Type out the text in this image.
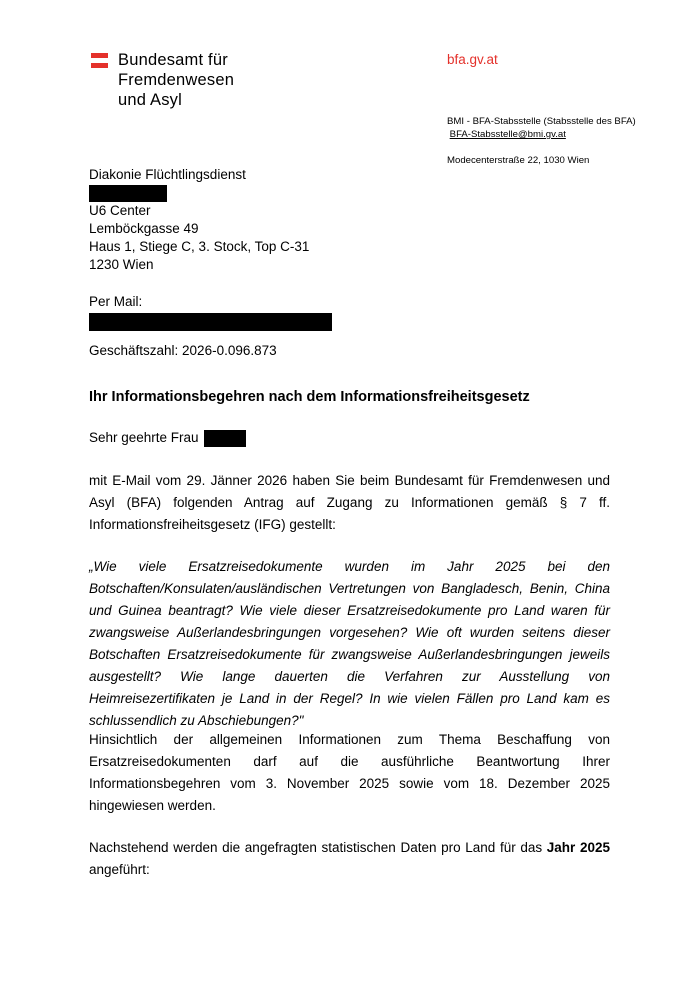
Bundesamt für
Fremdenwesen
und Asyl
bfa.gv.at
BMI - BFA-Stabsstelle (Stabsstelle des BFA)
BFA-Stabsstelle@bmi.gv.at
Modecenterstraße 22, 1030 Wien
Diakonie Flüchtlingsdienst
U6 Center
Lemböckgasse 49
Haus 1, Stiege C, 3. Stock, Top C-31
1230 Wien
Per Mail:
Geschäftszahl: 2026-0.096.873
Ihr Informationsbegehren nach dem Informationsfreiheitsgesetz
Sehr geehrte Frau
mit E-Mail vom 29. Jänner 2026 haben Sie beim Bundesamt für Fremdenwesen und Asyl (BFA) folgenden Antrag auf Zugang zu Informationen gemäß § 7 ff. Informationsfreiheitsgesetz (IFG) gestellt:
„Wie viele Ersatzreisedokumente wurden im Jahr 2025 bei den Botschaften/Konsulaten/ausländischen Vertretungen von Bangladesch, Benin, China und Guinea beantragt? Wie viele dieser Ersatzreisedokumente pro Land waren für zwangsweise Außerlandesbringungen vorgesehen? Wie oft wurden seitens dieser Botschaften Ersatzreisedokumente für zwangsweise Außerlandesbringungen jeweils ausgestellt? Wie lange dauerten die Verfahren zur Ausstellung von Heimreisezertifikaten je Land in der Regel? In wie vielen Fällen pro Land kam es schlussendlich zu Abschiebungen?"
Hinsichtlich der allgemeinen Informationen zum Thema Beschaffung von Ersatzreisedokumenten darf auf die ausführliche Beantwortung Ihrer Informationsbegehren vom 3. November 2025 sowie vom 18. Dezember 2025 hingewiesen werden.
Nachstehend werden die angefragten statistischen Daten pro Land für das Jahr 2025 angeführt:
